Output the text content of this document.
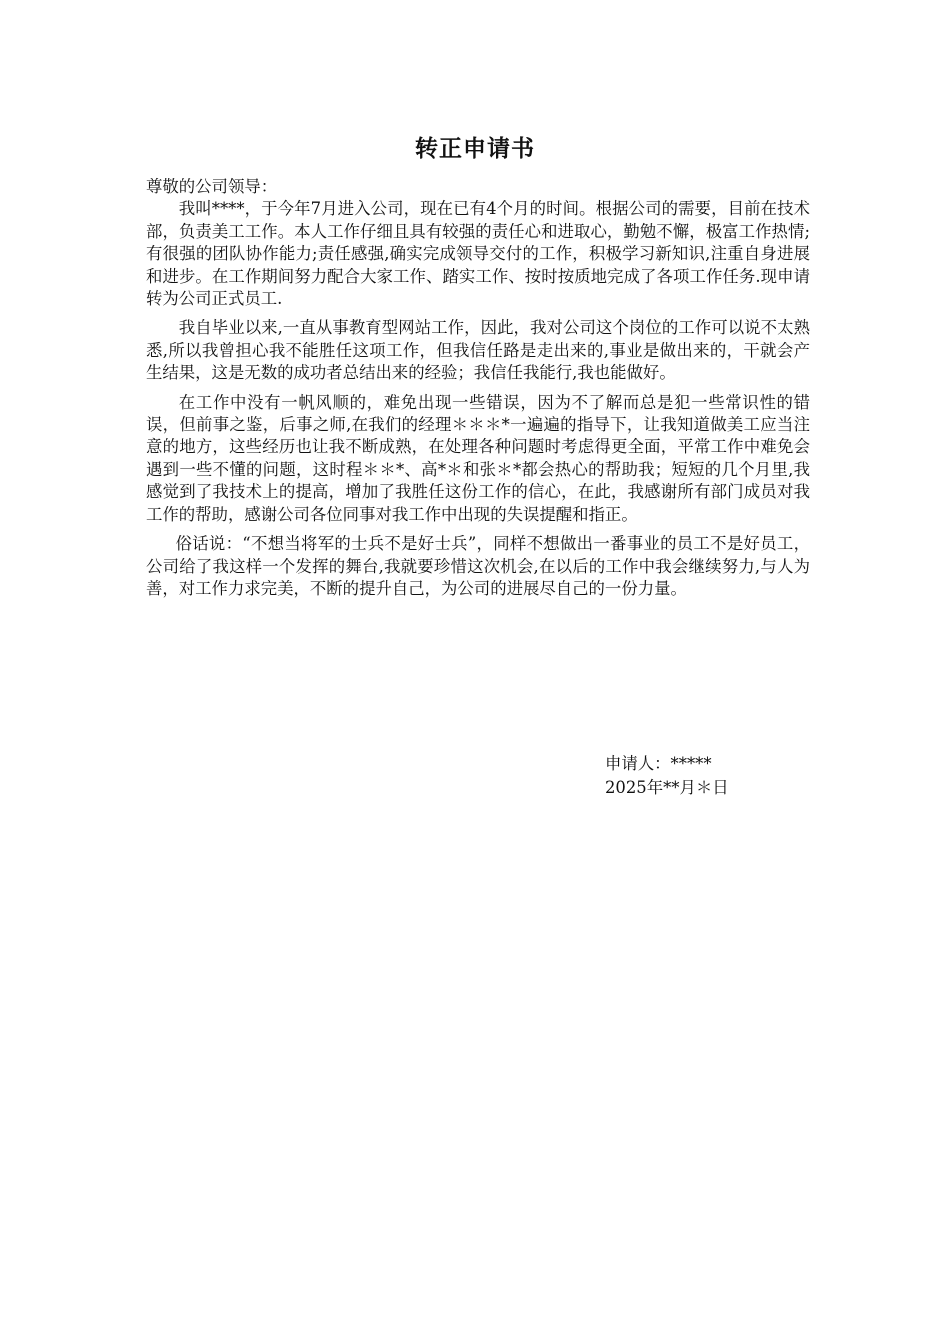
转正申请书

尊敬的公司领导：

我叫****，于今年7月进入公司，现在已有4个月的时间。根据公司的需要，目前在技术部，负责美工工作。本人工作仔细且具有较强的责任心和进取心，勤勉不懈，极富工作热情;有很强的团队协作能力;责任感强,确实完成领导交付的工作，积极学习新知识,注重自身进展和进步。在工作期间努力配合大家工作、踏实工作、按时按质地完成了各项工作任务.现申请转为公司正式员工.

我自毕业以来,一直从事教育型网站工作，因此，我对公司这个岗位的工作可以说不太熟悉,所以我曾担心我不能胜任这项工作，但我信任路是走出来的,事业是做出来的，干就会产生结果，这是无数的成功者总结出来的经验；我信任我能行,我也能做好。

在工作中没有一帆风顺的，难免出现一些错误，因为不了解而总是犯一些常识性的错误，但前事之鉴，后事之师,在我们的经理＊＊＊*一遍遍的指导下，让我知道做美工应当注意的地方，这些经历也让我不断成熟，在处理各种问题时考虑得更全面，平常工作中难免会遇到一些不懂的问题，这时程＊＊*、高*＊和张＊*都会热心的帮助我；短短的几个月里,我感觉到了我技术上的提高，增加了我胜任这份工作的信心，在此，我感谢所有部门成员对我工作的帮助，感谢公司各位同事对我工作中出现的失误提醒和指正。

俗话说：“不想当将军的士兵不是好士兵”，同样不想做出一番事业的员工不是好员工，公司给了我这样一个发挥的舞台,我就要珍惜这次机会,在以后的工作中我会继续努力,与人为善，对工作力求完美，不断的提升自己，为公司的进展尽自己的一份力量。

申请人：*****
2025年**月＊日
